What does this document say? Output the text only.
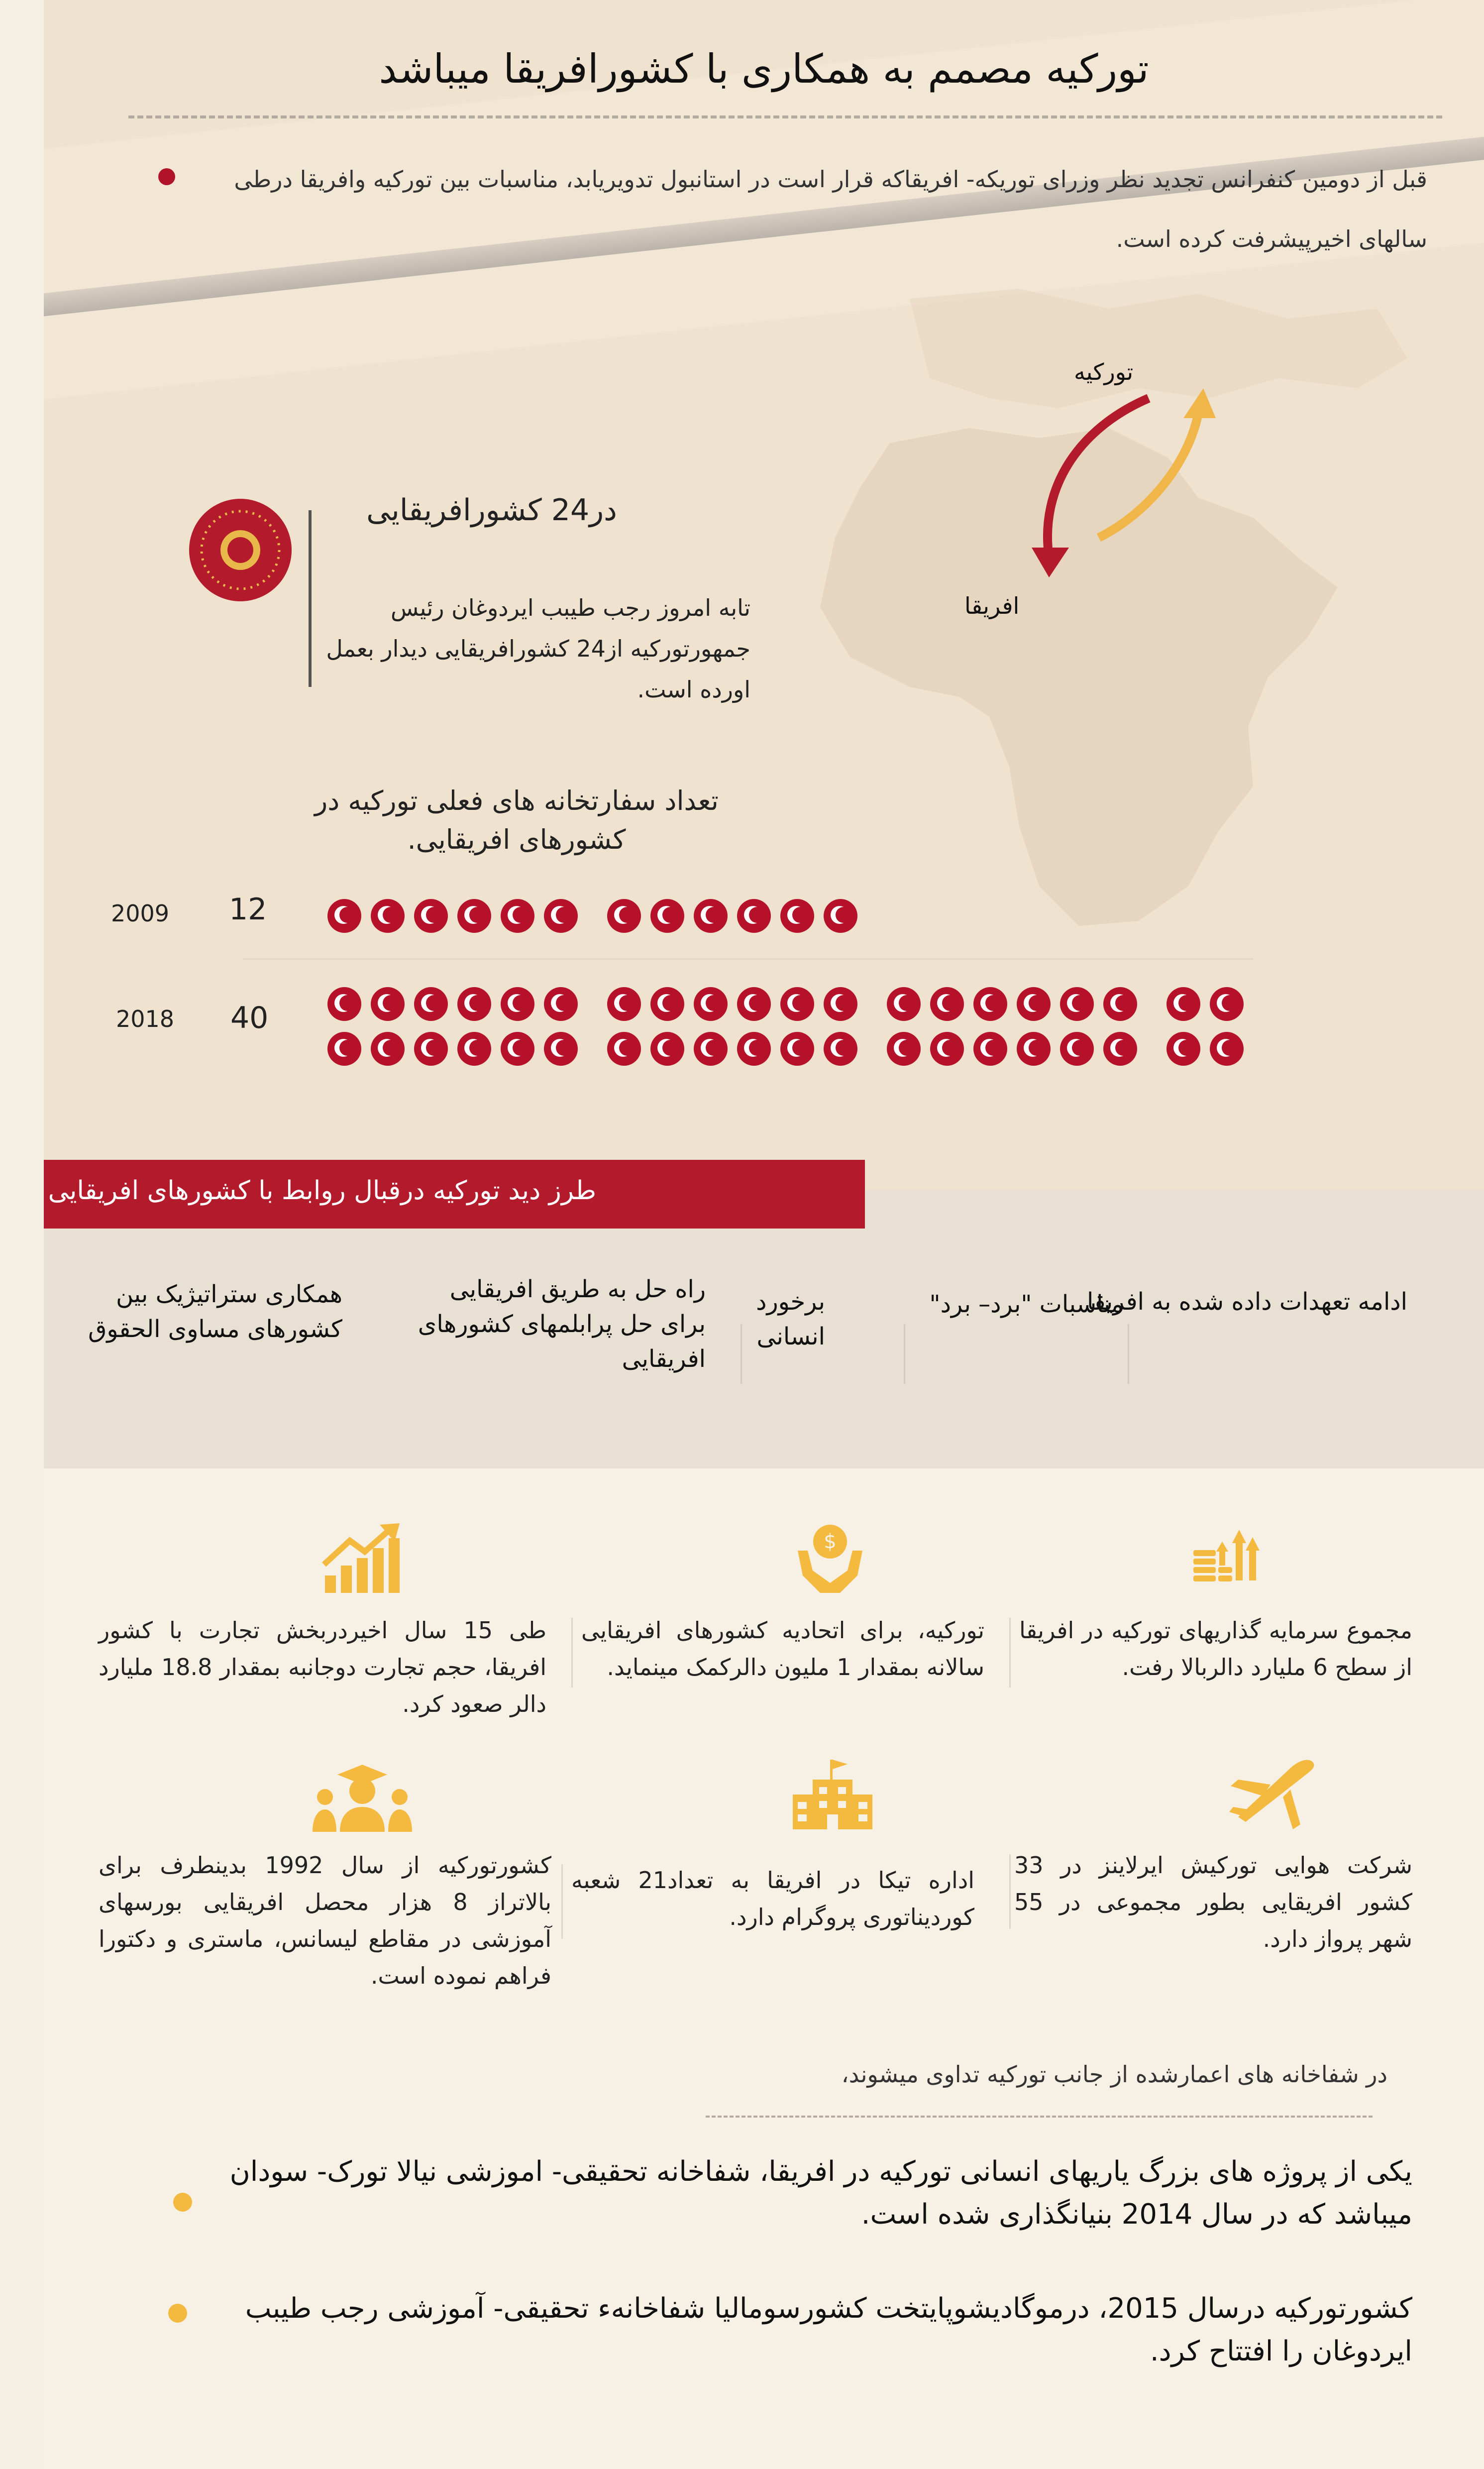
تورکیه مصمم به همکاری با کشورافریقا میباشد
قبل از دومین کنفرانس تجدید نظر وزرای توریکه- افریقاکه قرار است در استانبول تدویریابد، مناسبات بین تورکیه وافریقا درطی سالهای اخیرپیشرفت کرده است.
تورکیه
افریقا
در24 کشورافریقایی
تابه امروز رجب طیبب ایردوغان رئیس جمهورتورکیه از24 کشورافریقایی دیدار بعمل اورده است.
تعداد سفارتخانه های فعلی تورکیه در کشورهای افریقایی.
2009 12
2018 40
طرز دید تورکیه درقبال روابط با کشورهای افریقایی
ادامه تعهدات داده شده به افریقا
مناسبات "برد– برد"
برخورد انسانی
راه حل به طریق افریقایی برای حل پرابلمهای کشورهای افریقایی
همکاری ستراتیژیک بین کشورهای مساوی الحقوق
$
مجموع سرمایه گذاریهای تورکیه در افریقا از سطح 6 ملیارد دالربالا رفت.
تورکیه، برای اتحادیه کشورهای افریقایی سالانه بمقدار 1 ملیون دالرکمک مینماید.
طی 15 سال اخیردربخش تجارت با کشور افریقا، حجم تجارت دوجانبه بمقدار 18.8 ملیارد دالر صعود کرد.
شرکت هوایی تورکیش ایرلاینز در 33 کشور افریقایی بطور مجموعی در 55 شهر پرواز دارد.
اداره تیکا در افریقا به تعداد21 شعبه کوردیناتوری پروگرام دارد.
کشورتورکیه از سال 1992 بدینطرف برای بالاتراز 8 هزار محصل افریقایی بورسهای آموزشی در مقاطع لیسانس، ماستری و دکتورا فراهم نموده است.
در شفاخانه های اعمارشده از جانب تورکیه تداوی میشوند،
یکی از پروژه های بزرگ یاریهای انسانی تورکیه در افریقا، شفاخانه تحقیقی- اموزشی نیالا تورک- سودان میباشد که در سال 2014 بنیانگذاری شده است.
کشورتورکیه درسال 2015، درموگادیشوپایتخت کشورسومالیا شفاخانهء تحقیقی- آموزشی رجب طیبب ایردوغان را افتتاح کرد.
